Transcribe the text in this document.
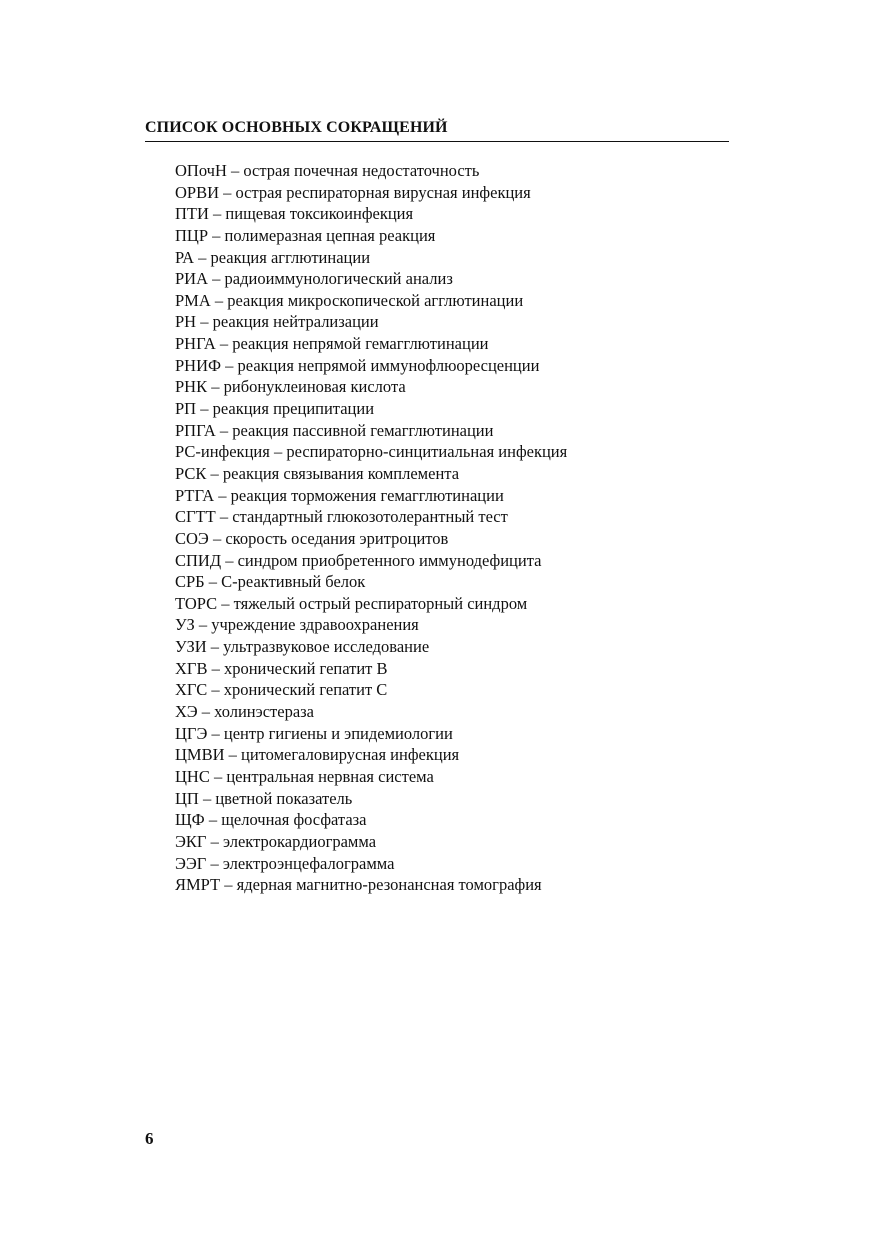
СПИСОК ОСНОВНЫХ СОКРАЩЕНИЙ
ОПочН – острая почечная недостаточность
ОРВИ – острая респираторная вирусная инфекция
ПТИ – пищевая токсикоинфекция
ПЦР – полимеразная цепная реакция
РА – реакция агглютинации
РИА – радиоиммунологический анализ
РМА – реакция микроскопической агглютинации
РН – реакция нейтрализации
РНГА – реакция непрямой гемагглютинации
РНИФ – реакция непрямой иммунофлюоресценции
РНК – рибонуклеиновая кислота
РП – реакция преципитации
РПГА – реакция пассивной гемагглютинации
РС-инфекция – респираторно-синцитиальная инфекция
РСК – реакция связывания комплемента
РТГА – реакция торможения гемагглютинации
СГТТ – стандартный глюкозотолерантный тест
СОЭ – скорость оседания эритроцитов
СПИД – синдром приобретенного иммунодефицита
СРБ – С-реактивный белок
ТОРС – тяжелый острый респираторный синдром
УЗ – учреждение здравоохранения
УЗИ – ультразвуковое исследование
ХГВ – хронический гепатит В
ХГС – хронический гепатит С
ХЭ – холинэстераза
ЦГЭ – центр гигиены и эпидемиологии
ЦМВИ – цитомегаловирусная инфекция
ЦНС – центральная нервная система
ЦП – цветной показатель
ЩФ – щелочная фосфатаза
ЭКГ – электрокардиограмма
ЭЭГ – электроэнцефалограмма
ЯМРТ – ядерная магнитно-резонансная томография
6
